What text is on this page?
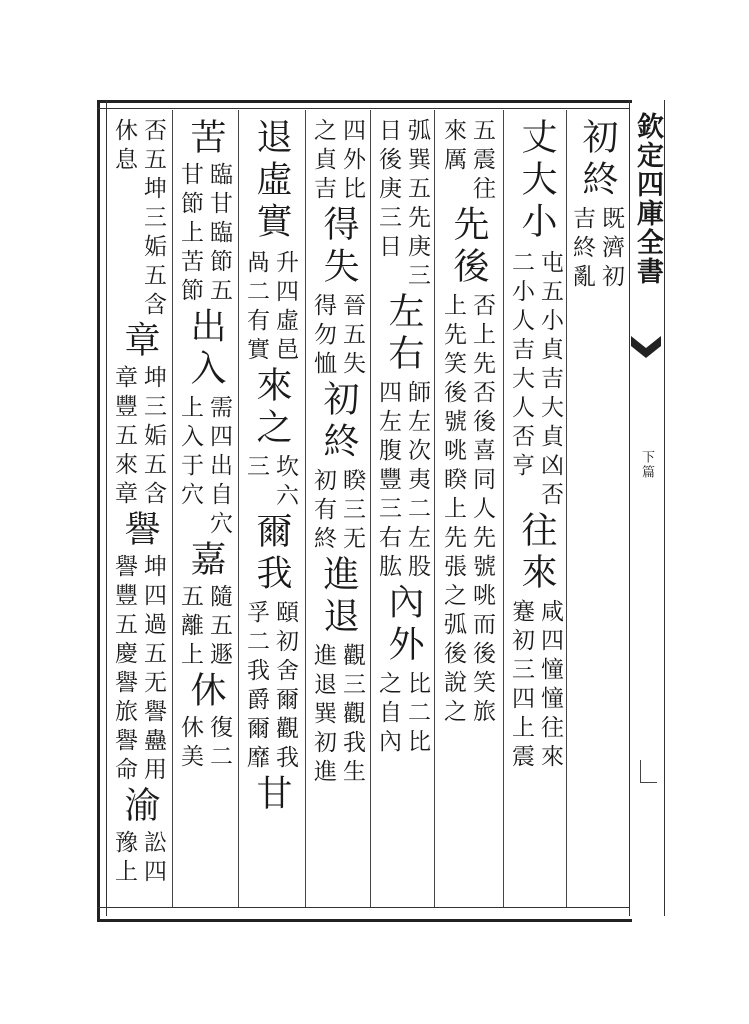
欽定四庫全書
下篇
初終
既濟初
吉終亂
丈大小
屯五小貞吉大貞凶否
二小人吉大人否亨
往來
咸四憧憧往來
蹇初三四上震
五震往
來厲
先後
否上先否後喜同人先號咷而後笑旅
上先笑後號咷睽上先張之弧後說之
弧巽五先庚三
日後庚三日
左右
師左次夷二左股
四左腹豐三右肱
內外
比二比
之自內
四外比
之貞吉
得失
晉五失
得勿恤
初終
睽三无
初有終
進退
觀三觀我生
進退巽初進
退虛實
升四虛邑
咼二有實
來之
坎六
三
爾我
頤初舍爾觀我
孚二我爵爾靡
甘
苦
臨甘臨節五
甘節上苦節
出入
需四出自穴
上入于穴
嘉
隨五遯
五離上
休
復二
休美
否五坤三姤五含
休息
章
坤三姤五含
章豐五來章
譽
坤四過五无譽蠱用
譽豐五慶譽旅譽命
渝
訟四
豫上
